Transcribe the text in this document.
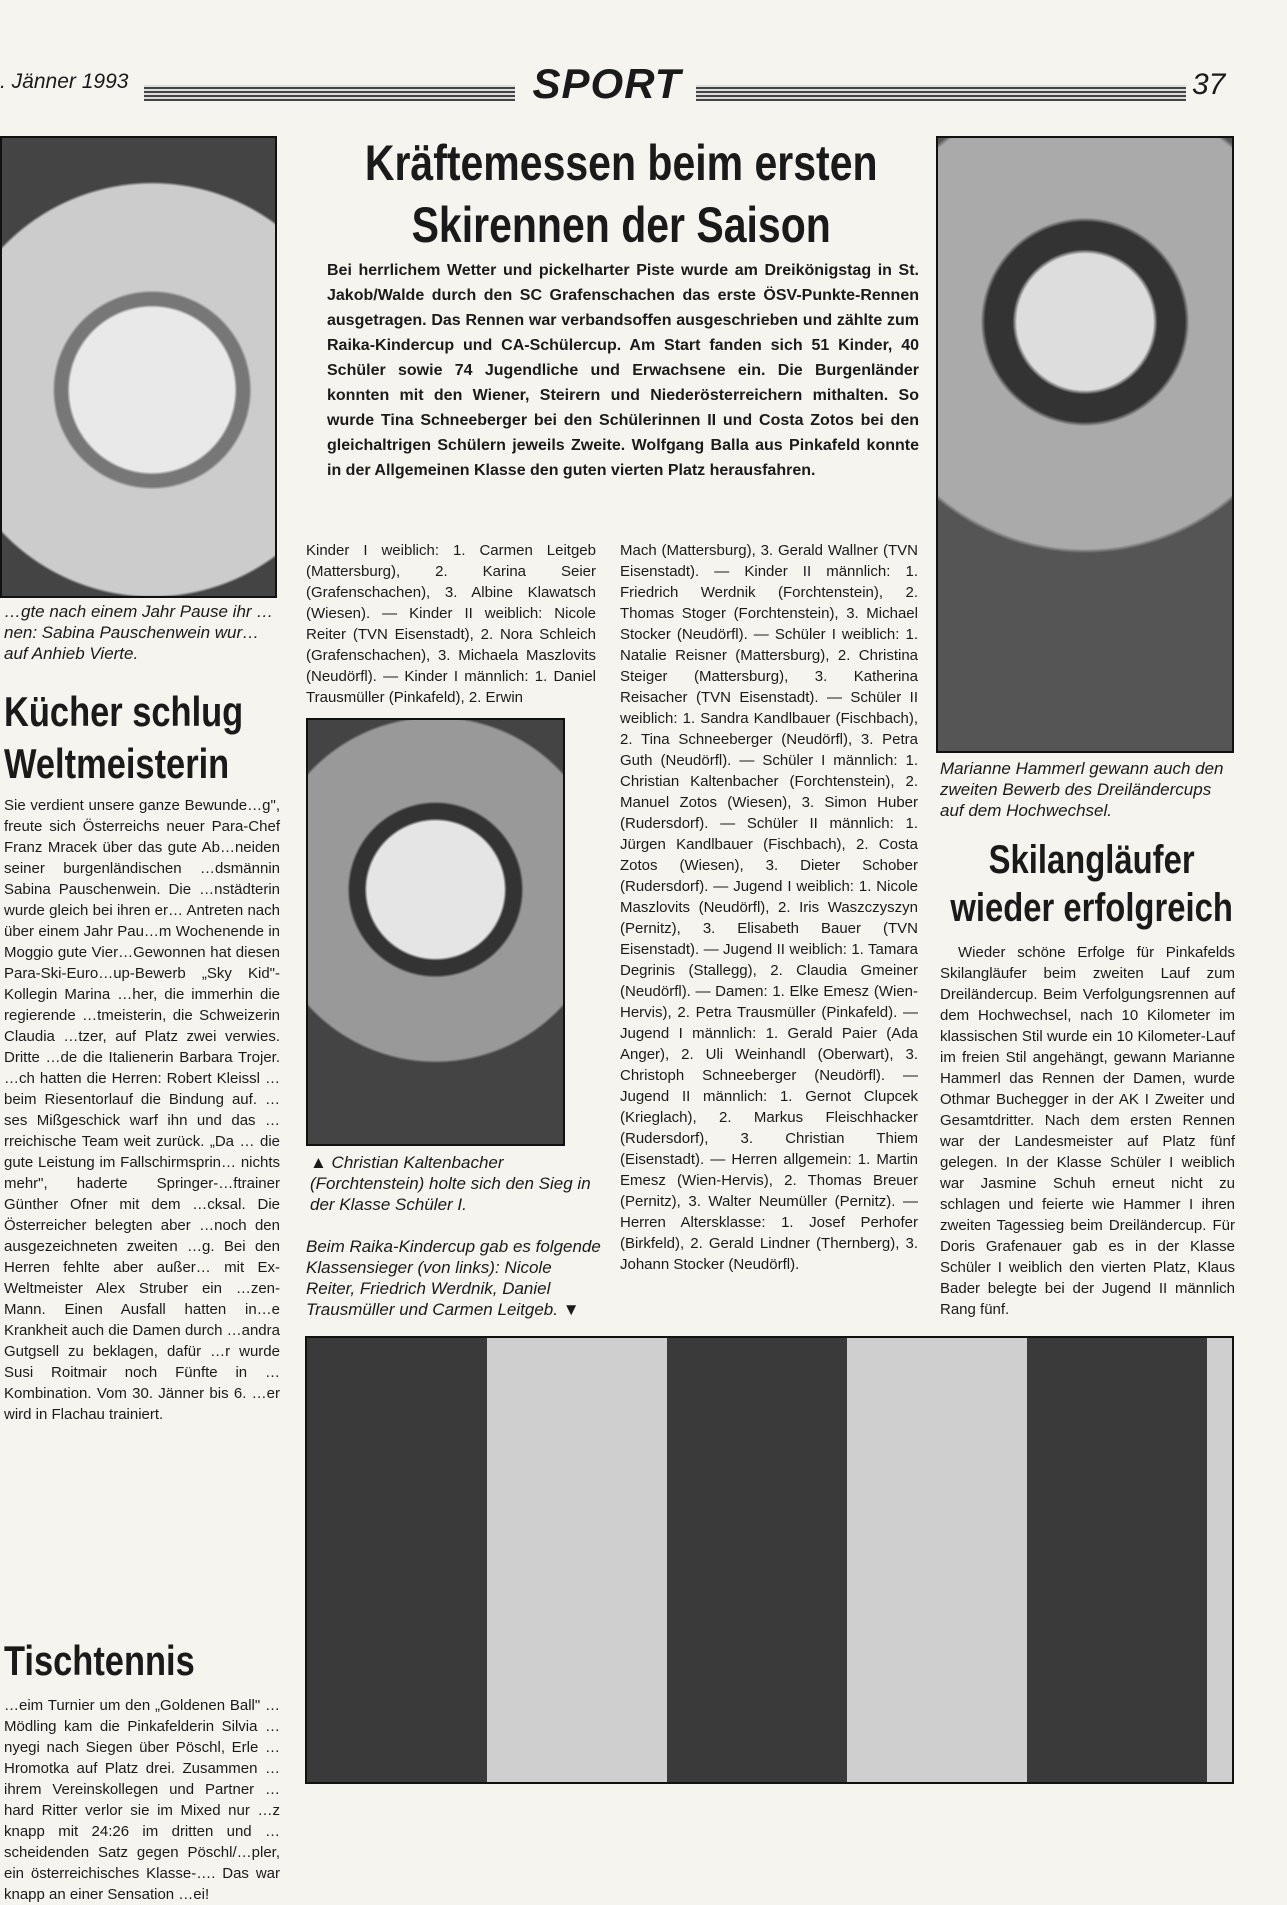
. Jänner 1993	SPORT	37
…gte nach einem Jahr Pause ihr …nen: Sabina Pauschenwein wur… auf Anhieb Vierte.
Kücher schlug
Weltmeisterin
Sie verdient unsere ganze Bewunde…g", freute sich Österreichs neuer Para-Chef Franz Mracek über das gute Ab…neiden seiner burgenländischen …dsmännin Sabina Pauschenwein. Die …nstädterin wurde gleich bei ihren er… Antreten nach über einem Jahr Pau…m Wochenende in Moggio gute Vier…Gewonnen hat diesen Para-Ski-Euro…up-Bewerb „Sky Kid"-Kollegin Marina …her, die immerhin die regierende …tmeisterin, die Schweizerin Claudia …tzer, auf Platz zwei verwies. Dritte …de die Italienerin Barbara Trojer. …ch hatten die Herren: Robert Kleissl … beim Riesentorlauf die Bindung auf. …ses Mißgeschick warf ihn und das …rreichische Team weit zurück. „Da … die gute Leistung im Fallschirmsprin… nichts mehr", haderte Springer-…ftrainer Günther Ofner mit dem …cksal. Die Österreicher belegten aber …noch den ausgezeichneten zweiten …g. Bei den Herren fehlte aber außer… mit Ex-Weltmeister Alex Struber ein …zen-Mann. Einen Ausfall hatten in…e Krankheit auch die Damen durch …andra Gutgsell zu beklagen, dafür …r wurde Susi Roitmair noch Fünfte in …Kombination. Vom 30. Jänner bis 6. …er wird in Flachau trainiert.
Tischtennis
…eim Turnier um den „Goldenen Ball" … Mödling kam die Pinkafelderin Silvia …nyegi nach Siegen über Pöschl, Erle …Hromotka auf Platz drei. Zusammen … ihrem Vereinskollegen und Partner …hard Ritter verlor sie im Mixed nur …z knapp mit 24:26 im dritten und …scheidenden Satz gegen Pöschl/…pler, ein österreichisches Klasse-…. Das war knapp an einer Sensation …ei!
Kräftemessen beim ersten
Skirennen der Saison
Bei herrlichem Wetter und pickelharter Piste wurde am Dreikönigstag in St. Jakob/Walde durch den SC Grafenschachen das erste ÖSV-Punkte-Rennen ausgetragen. Das Rennen war verbandsoffen ausgeschrieben und zählte zum Raika-Kindercup und CA-Schülercup. Am Start fanden sich 51 Kinder, 40 Schüler sowie 74 Jugendliche und Erwachsene ein. Die Burgenländer konnten mit den Wiener, Steirern und Niederösterreichern mithalten. So wurde Tina Schneeberger bei den Schülerinnen II und Costa Zotos bei den gleichaltrigen Schülern jeweils Zweite. Wolfgang Balla aus Pinkafeld konnte in der Allgemeinen Klasse den guten vierten Platz herausfahren.
Kinder I weiblich: 1. Carmen Leitgeb (Mattersburg), 2. Karina Seier (Grafenschachen), 3. Albine Klawatsch (Wiesen). — Kinder II weiblich: Nicole Reiter (TVN Eisenstadt), 2. Nora Schleich (Grafenschachen), 3. Michaela Maszlovits (Neudörfl). — Kinder I männlich: 1. Daniel Trausmüller (Pinkafeld), 2. Erwin
Mach (Mattersburg), 3. Gerald Wallner (TVN Eisenstadt). — Kinder II männlich: 1. Friedrich Werdnik (Forchtenstein), 2. Thomas Stoger (Forchtenstein), 3. Michael Stocker (Neudörfl). — Schüler I weiblich: 1. Natalie Reisner (Mattersburg), 2. Christina Steiger (Mattersburg), 3. Katherina Reisacher (TVN Eisenstadt). — Schüler II weiblich: 1. Sandra Kandlbauer (Fischbach), 2. Tina Schneeberger (Neudörfl), 3. Petra Guth (Neudörfl). — Schüler I männlich: 1. Christian Kaltenbacher (Forchtenstein), 2. Manuel Zotos (Wiesen), 3. Simon Huber (Rudersdorf). — Schüler II männlich: 1. Jürgen Kandlbauer (Fischbach), 2. Costa Zotos (Wiesen), 3. Dieter Schober (Rudersdorf). — Jugend I weiblich: 1. Nicole Maszlovits (Neudörfl), 2. Iris Waszczyszyn (Pernitz), 3. Elisabeth Bauer (TVN Eisenstadt). — Jugend II weiblich: 1. Tamara Degrinis (Stallegg), 2. Claudia Gmeiner (Neudörfl). — Damen: 1. Elke Emesz (Wien-Hervis), 2. Petra Trausmüller (Pinkafeld). — Jugend I männlich: 1. Gerald Paier (Ada Anger), 2. Uli Weinhandl (Oberwart), 3. Christoph Schneeberger (Neudörfl). — Jugend II männlich: 1. Gernot Clupcek (Krieglach), 2. Markus Fleischhacker (Rudersdorf), 3. Christian Thiem (Eisenstadt). — Herren allgemein: 1. Martin Emesz (Wien-Hervis), 2. Thomas Breuer (Pernitz), 3. Walter Neumüller (Pernitz). — Herren Altersklasse: 1. Josef Perhofer (Birkfeld), 2. Gerald Lindner (Thernberg), 3. Johann Stocker (Neudörfl).
▲ Christian Kaltenbacher (Forchtenstein) holte sich den Sieg in der Klasse Schüler I.
Beim Raika-Kindercup gab es folgende Klassensieger (von links): Nicole Reiter, Friedrich Werdnik, Daniel Trausmüller und Carmen Leitgeb. ▼
Marianne Hammerl gewann auch den zweiten Bewerb des Dreiländercups auf dem Hochwechsel.
Skilangläufer
wieder erfolgreich

Wieder schöne Erfolge für Pinkafelds Skilangläufer beim zweiten Lauf zum Dreiländercup. Beim Verfolgungsrennen auf dem Hochwechsel, nach 10 Kilometer im klassischen Stil wurde ein 10 Kilometer-Lauf im freien Stil angehängt, gewann Marianne Hammerl das Rennen der Damen, wurde Othmar Buchegger in der AK I Zweiter und Gesamtdritter. Nach dem ersten Rennen war der Landesmeister auf Platz fünf gelegen. In der Klasse Schüler I weiblich war Jasmine Schuh erneut nicht zu schlagen und feierte wie Hammer I ihren zweiten Tagessieg beim Dreiländercup. Für Doris Grafenauer gab es in der Klasse Schüler I weiblich den vierten Platz, Klaus Bader belegte bei der Jugend II männlich Rang fünf.
